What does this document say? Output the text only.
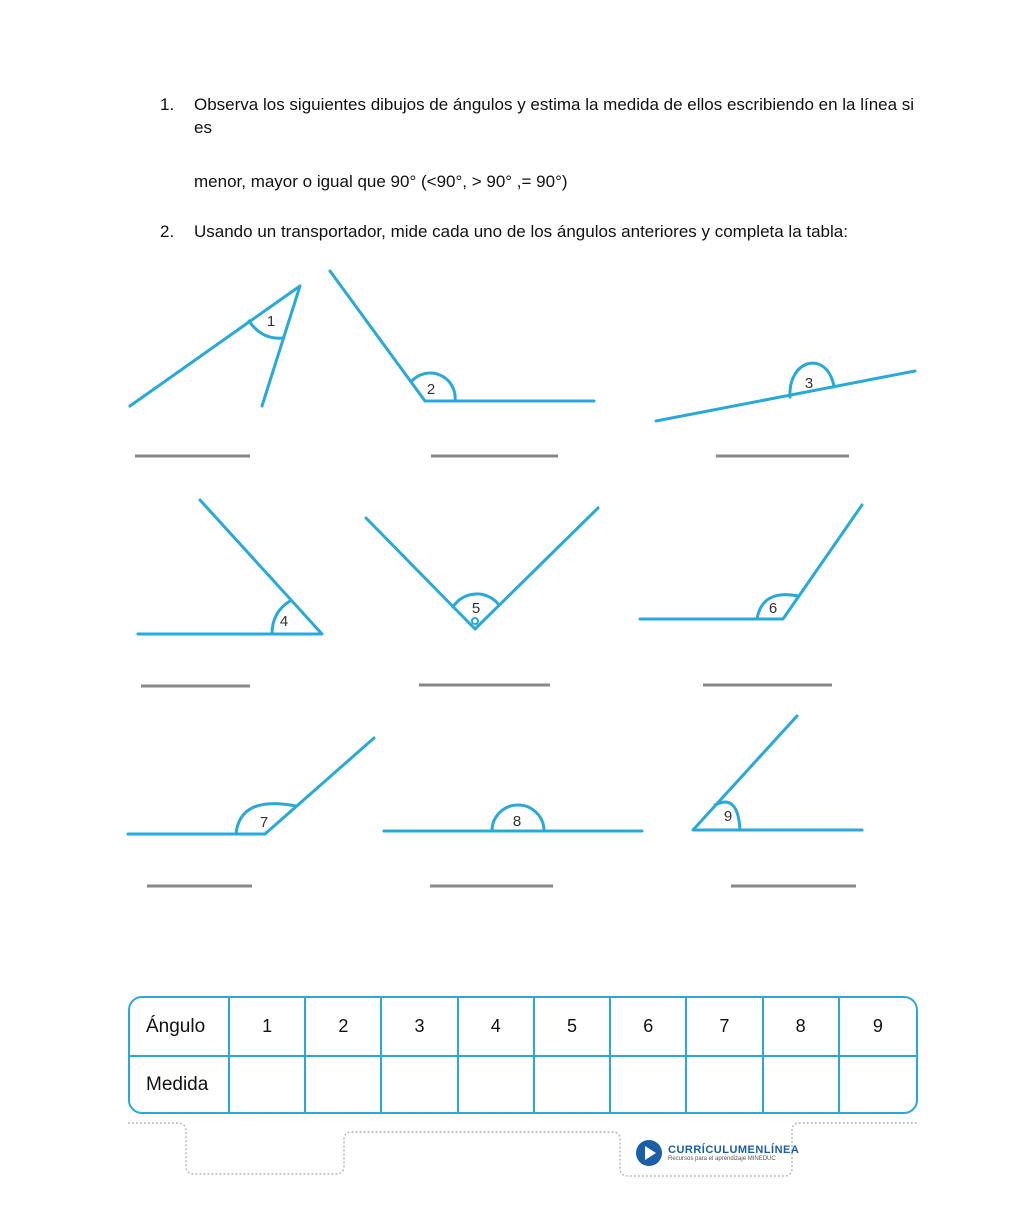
1.	Observa los siguientes dibujos de ángulos y estima la medida de ellos escribiendo en la línea si es
menor, mayor o igual que 90° (<90°, > 90° ,= 90°)
2.	Usando un transportador, mide cada uno de los ángulos anteriores y completa la tabla:
1
2	3
4
5	6
7	8	9
Ángulo	1	2	3	4	5	6	7	8	9
Medida									
CURRÍCULUMENLÍNEA
Recursos para el aprendizaje MINEDUC
